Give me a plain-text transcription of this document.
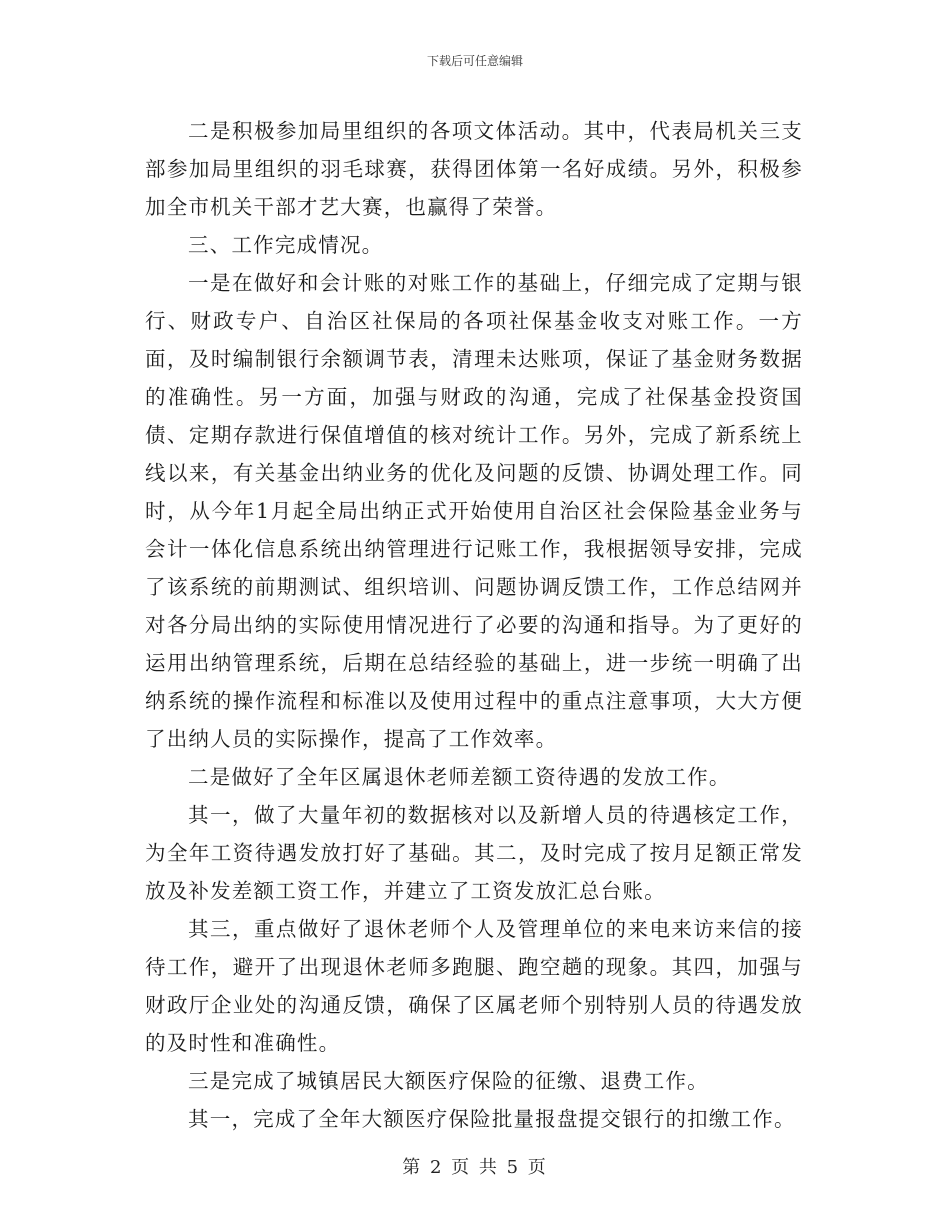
下载后可任意编辑

二是积极参加局里组织的各项文体活动。其中，代表局机关三支部参加局里组织的羽毛球赛，获得团体第一名好成绩。另外，积极参加全市机关干部才艺大赛，也赢得了荣誉。

三、工作完成情况。

一是在做好和会计账的对账工作的基础上，仔细完成了定期与银行、财政专户、自治区社保局的各项社保基金收支对账工作。一方面，及时编制银行余额调节表，清理未达账项，保证了基金财务数据的准确性。另一方面，加强与财政的沟通，完成了社保基金投资国债、定期存款进行保值增值的核对统计工作。另外，完成了新系统上线以来，有关基金出纳业务的优化及问题的反馈、协调处理工作。同时，从今年1月起全局出纳正式开始使用自治区社会保险基金业务与会计一体化信息系统出纳管理进行记账工作，我根据领导安排，完成了该系统的前期测试、组织培训、问题协调反馈工作，工作总结网并对各分局出纳的实际使用情况进行了必要的沟通和指导。为了更好的运用出纳管理系统，后期在总结经验的基础上，进一步统一明确了出纳系统的操作流程和标准以及使用过程中的重点注意事项，大大方便了出纳人员的实际操作，提高了工作效率。

二是做好了全年区属退休老师差额工资待遇的发放工作。

其一，做了大量年初的数据核对以及新增人员的待遇核定工作，为全年工资待遇发放打好了基础。其二，及时完成了按月足额正常发放及补发差额工资工作，并建立了工资发放汇总台账。

其三，重点做好了退休老师个人及管理单位的来电来访来信的接待工作，避开了出现退休老师多跑腿、跑空趟的现象。其四，加强与财政厅企业处的沟通反馈，确保了区属老师个别特别人员的待遇发放的及时性和准确性。

三是完成了城镇居民大额医疗保险的征缴、退费工作。

其一，完成了全年大额医疗保险批量报盘提交银行的扣缴工作。

第 2 页 共 5 页
